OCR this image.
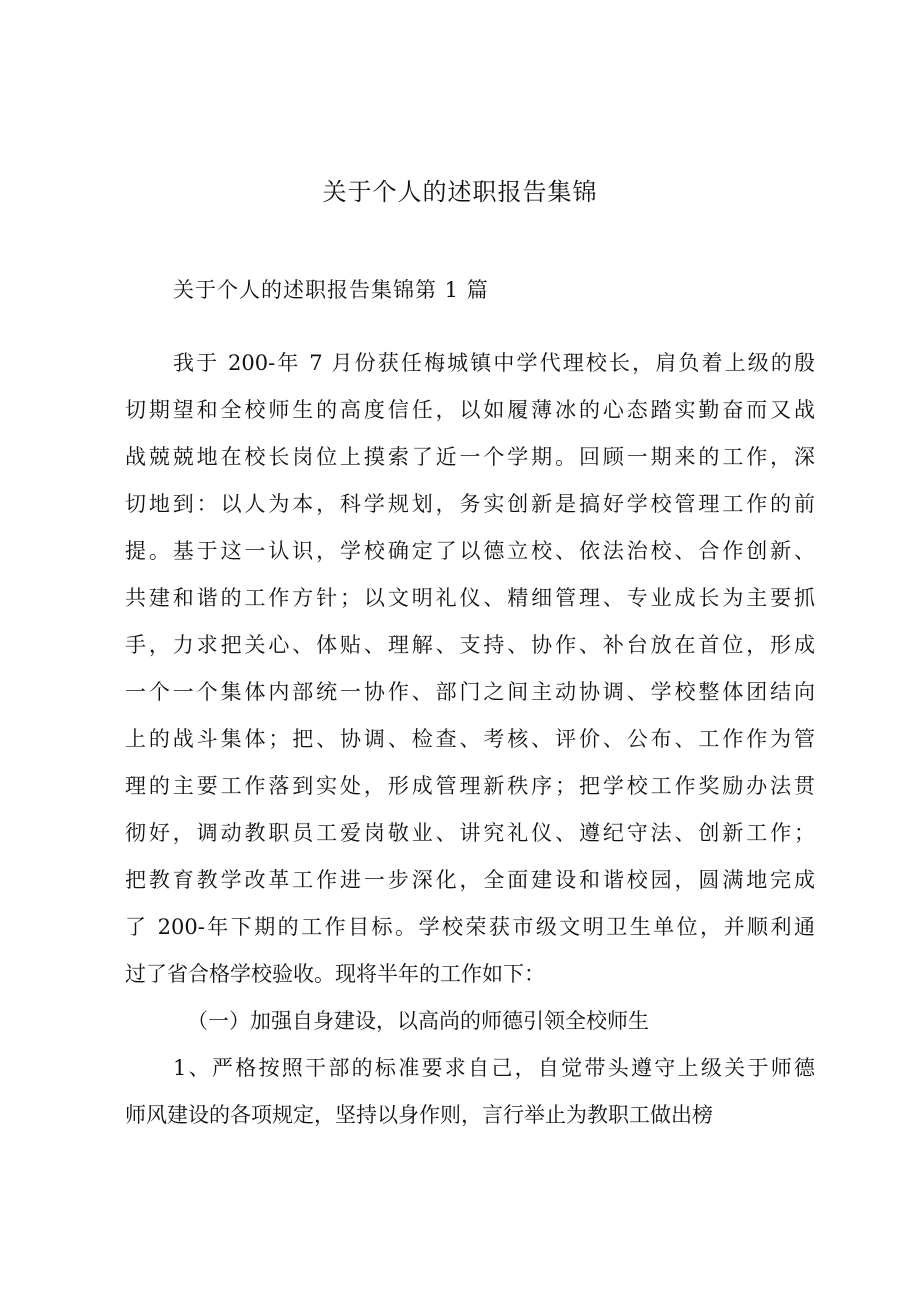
关于个人的述职报告集锦
关于个人的述职报告集锦第 1 篇
我于 200-年 7 月份获任梅城镇中学代理校长，肩负着上级的殷
切期望和全校师生的高度信任，以如履薄冰的心态踏实勤奋而又战
战兢兢地在校长岗位上摸索了近一个学期。回顾一期来的工作，深
切地到：以人为本，科学规划，务实创新是搞好学校管理工作的前
提。基于这一认识，学校确定了以德立校、依法治校、合作创新、
共建和谐的工作方针；以文明礼仪、精细管理、专业成长为主要抓
手，力求把关心、体贴、理解、支持、协作、补台放在首位，形成
一个一个集体内部统一协作、部门之间主动协调、学校整体团结向
上的战斗集体；把、协调、检查、考核、评价、公布、工作作为管
理的主要工作落到实处，形成管理新秩序；把学校工作奖励办法贯
彻好，调动教职员工爱岗敬业、讲究礼仪、遵纪守法、创新工作；
把教育教学改革工作进一步深化，全面建设和谐校园，圆满地完成
了 200-年下期的工作目标。学校荣获市级文明卫生单位，并顺利通
过了省合格学校验收。现将半年的工作如下：
（一）加强自身建设，以高尚的师德引领全校师生
1、严格按照干部的标准要求自己，自觉带头遵守上级关于师德
师风建设的各项规定，坚持以身作则，言行举止为教职工做出榜
